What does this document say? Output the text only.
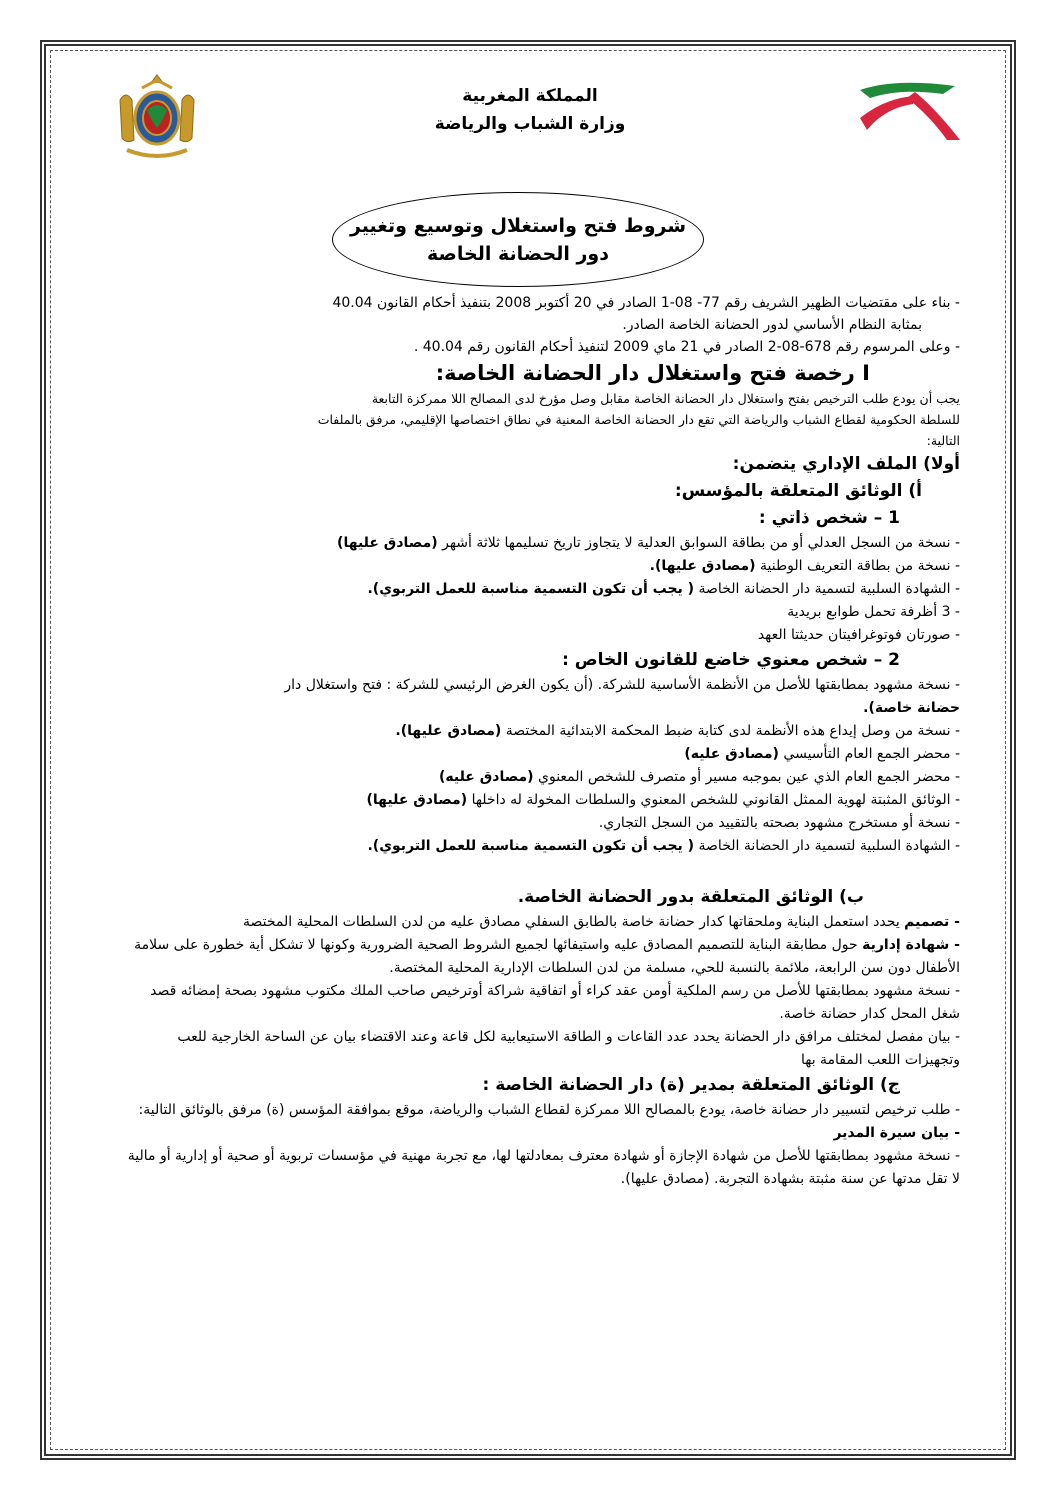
المملكة المغربية
وزارة الشباب والرياضة
شروط فتح واستغلال وتوسيع وتغيير
دور الحضانة الخاصة

- بناء على مقتضيات الظهير الشريف رقم 77- 08-1 الصادر في 20 أكتوبر 2008 بتنفيذ أحكام القانون 40.04

بمثابة النظام الأساسي لدور الحضانة الخاصة الصادر.

- وعلى المرسوم رقم 678-08-2 الصادر في 21 ماي 2009 لتنفيذ أحكام القانون رقم 40.04 .

I رخصة فتح واستغلال دار الحضانة الخاصة:

يجب أن يودع طلب الترخيص بفتح واستغلال دار الحضانة الخاصة مقابل وصل مؤرخ لدى المصالح اللا ممركزة التابعة

للسلطة الحكومية لقطاع الشباب والرياضة التي تقع دار الحضانة الخاصة المعنية في نطاق اختصاصها الإقليمي، مرفق بالملفات

التالية:

أولا) الملف الإداري يتضمن:

أ) الوثائق المتعلقة بالمؤسس:

1 – شخص ذاتي :

- نسخة من السجل العدلي أو من بطاقة السوابق العدلية لا يتجاوز تاريخ تسليمها ثلاثة أشهر (مصادق عليها)

- نسخة من بطاقة التعريف الوطنية (مصادق عليها).

- الشهادة السلبية لتسمية دار الحضانة الخاصة ( يجب أن تكون التسمية مناسبة للعمل التربوي).

- 3 أظرفة تحمل طوابع بريدية

- صورتان فوتوغرافيتان حديثتا العهد

2 – شخص معنوي خاضع للقانون الخاص :

- نسخة مشهود بمطابقتها للأصل من الأنظمة الأساسية للشركة. (أن يكون الغرض الرئيسي للشركة : فتح واستغلال دار

حضانة خاصة).

- نسخة من وصل إيداع هذه الأنظمة لدى كتابة ضبط المحكمة الابتدائية المختصة (مصادق عليها).

- محضر الجمع العام التأسيسي (مصادق عليه)

- محضر الجمع العام الذي عين بموجبه مسير أو متصرف للشخص المعنوي (مصادق عليه)

- الوثائق المثبتة لهوية الممثل القانوني للشخص المعنوي والسلطات المخولة له داخلها (مصادق عليها)

- نسخة أو مستخرج مشهود بصحته بالتقييد من السجل التجاري.

- الشهادة السلبية لتسمية دار الحضانة الخاصة ( يجب أن تكون التسمية مناسبة للعمل التربوي).

ب) الوثائق المتعلقة بدور الحضانة الخاصة.

- تصميم يحدد استعمل البناية وملحقاتها كدار حضانة خاصة بالطابق السفلي مصادق عليه من لدن السلطات المحلية المختصة

- شهادة إدارية حول مطابقة البناية للتصميم المصادق عليه واستيفائها لجميع الشروط الصحية الضرورية وكونها لا تشكل أية خطورة على سلامة الأطفال دون سن الرابعة، ملائمة بالنسبة للحي، مسلمة من لدن السلطات الإدارية المحلية المختصة.

- نسخة مشهود بمطابقتها للأصل من رسم الملكية أومن عقد كراء أو اتفاقية شراكة أوترخيص صاحب الملك مكتوب مشهود بصحة إمضائه قصد شغل المحل كدار حضانة خاصة.

- بيان مفصل لمختلف مرافق دار الحضانة يحدد عدد القاعات و الطاقة الاستيعابية لكل قاعة وعند الاقتضاء بيان عن الساحة الخارجية للعب وتجهيزات اللعب المقامة بها

ج) الوثائق المتعلقة بمدير (ة) دار الحضانة الخاصة :

- طلب ترخيص لتسيير دار حضانة خاصة، يودع بالمصالح اللا ممركزة لقطاع الشباب والرياضة، موقع بموافقة المؤسس (ة) مرفق بالوثائق التالية:

- بيان سيرة المدير

- نسخة مشهود بمطابقتها للأصل من شهادة الإجازة أو شهادة معترف بمعادلتها لها، مع تجربة مهنية في مؤسسات تربوية أو صحية أو إدارية أو مالية لا تقل مدتها عن سنة مثبتة بشهادة التجربة. (مصادق عليها).
